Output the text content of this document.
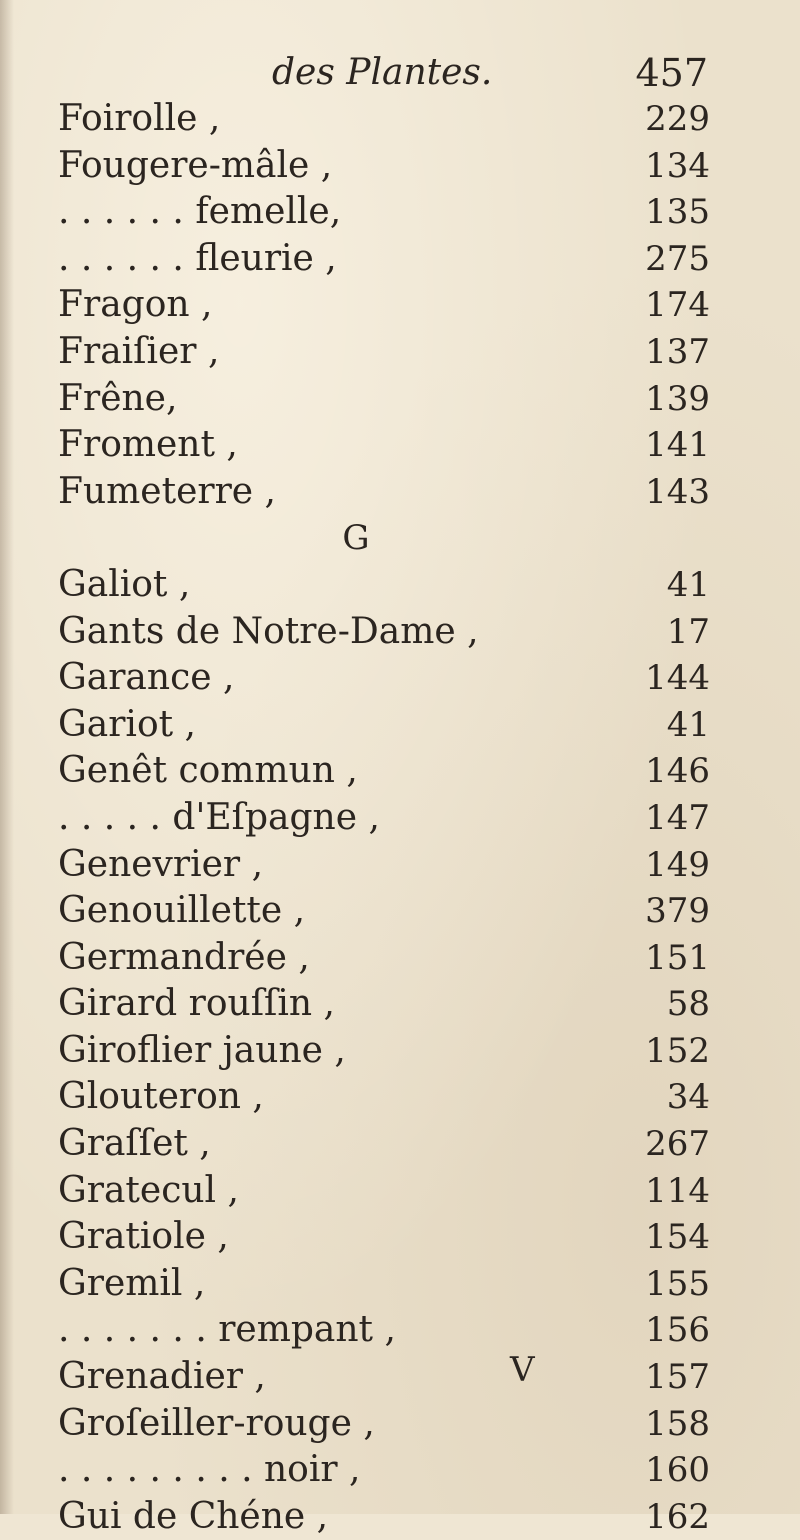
des Plantes.	457
Foirolle ,	229
Fougere-mâle ,	134
. . . . . . femelle,	135
. . . . . . fleurie ,	275
Fragon ,	174
Fraiſier ,	137
Frêne,	139
Froment ,	141
Fumeterre ,	143
G
Galiot ,	41
Gants de Notre-Dame ,	17
Garance ,	144
Gariot ,	41
Genêt commun ,	146
. . . . . d'Eſpagne ,	147
Genevrier ,	149
Genouillette ,	379
Germandrée ,	151
Girard rouſſin ,	58
Giroflier jaune ,	152
Glouteron ,	34
Graſſet ,	267
Gratecul ,	114
Gratiole ,	154
Gremil ,	155
. . . . . . . rempant ,	156
Grenadier ,	157
Groſeiller-rouge ,	158
. . . . . . . . . noir ,	160
Gui de Chéne ,	162
V
